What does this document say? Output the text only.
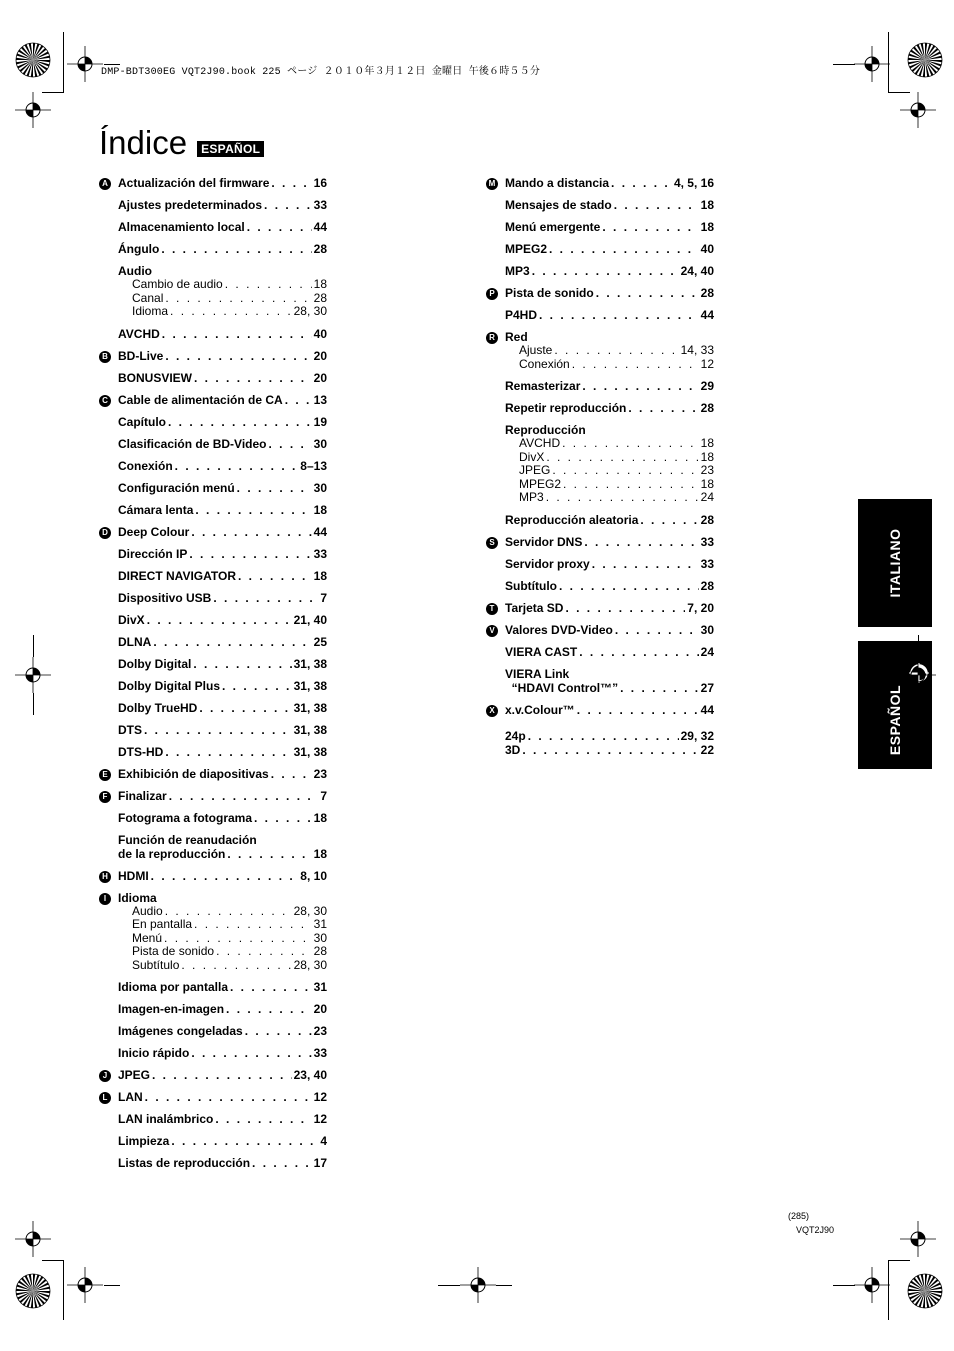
DMP-BDT300EG VQT2J90.book 225 ページ ２０１０年３月１２日 金曜日 午後６時５５分
Índice	ESPAÑOL
A Actualización del firmware . . .	16
Ajustes predeterminados . . .	33
Almacenamiento local . . .	44
Ángulo . . .	28
Audio
Cambio de audio . . .	18
Canal . . .	28
Idioma . . .	28, 30
AVCHD . . .	40
B BD-Live . . .	20
BONUSVIEW . . .	20
C Cable de alimentación de CA . . .	13
Capítulo . . .	19
Clasificación de BD-Video . . .	30
Conexión . . .	8–13
Configuración menú . . .	30
Cámara lenta . . .	18
D Deep Colour . . .	44
Dirección IP . . .	33
DIRECT NAVIGATOR . . .	18
Dispositivo USB . . .	7
DivX . . .	21, 40
DLNA . . .	25
Dolby Digital . . .	31, 38
Dolby Digital Plus . . .	31, 38
Dolby TrueHD . . .	31, 38
DTS . . .	31, 38
DTS-HD . . .	31, 38
E Exhibición de diapositivas . . .	23
F Finalizar . . .	7
Fotograma a fotograma . . .	18
Función de reanudación
de la reproducción . . .	18
H HDMI . . .	8, 10
I Idioma
Audio . . .	28, 30
En pantalla . . .	31
Menú . . .	30
Pista de sonido . . .	28
Subtítulo . . .	28, 30
Idioma por pantalla . . .	31
Imagen-en-imagen . . .	20
Imágenes congeladas . . .	23
Inicio rápido . . .	33
J JPEG . . .	23, 40
L LAN . . .	12
LAN inalámbrico . . .	12
Limpieza . . .	4
Listas de reproducción . . .	17
M Mando a distancia . . .	4, 5, 16
Mensajes de stado . . .	18
Menú emergente . . .	18
MPEG2 . . .	40
MP3 . . .	24, 40
P Pista de sonido . . .	28
P4HD . . .	44
R Red
Ajuste . . .	14, 33
Conexión . . .	12
Remasterizar . . .	29
Repetir reproducción . . .	28
Reproducción
AVCHD . . .	18
DivX . . .	18
JPEG . . .	23
MPEG2 . . .	18
MP3 . . .	24
Reproducción aleatoria . . .	28
S Servidor DNS . . .	33
Servidor proxy . . .	33
Subtítulo . . .	28
T Tarjeta SD . . .	7, 20
V Valores DVD-Video . . .	30
VIERA CAST . . .	24
VIERA Link
“HDAVI Control™” . . .	27
X x.v.Colour™ . . .	44
24p . . .	29, 32
3D . . .	22
ITALIANO
ESPAÑOL
(285)
VQT2J90
